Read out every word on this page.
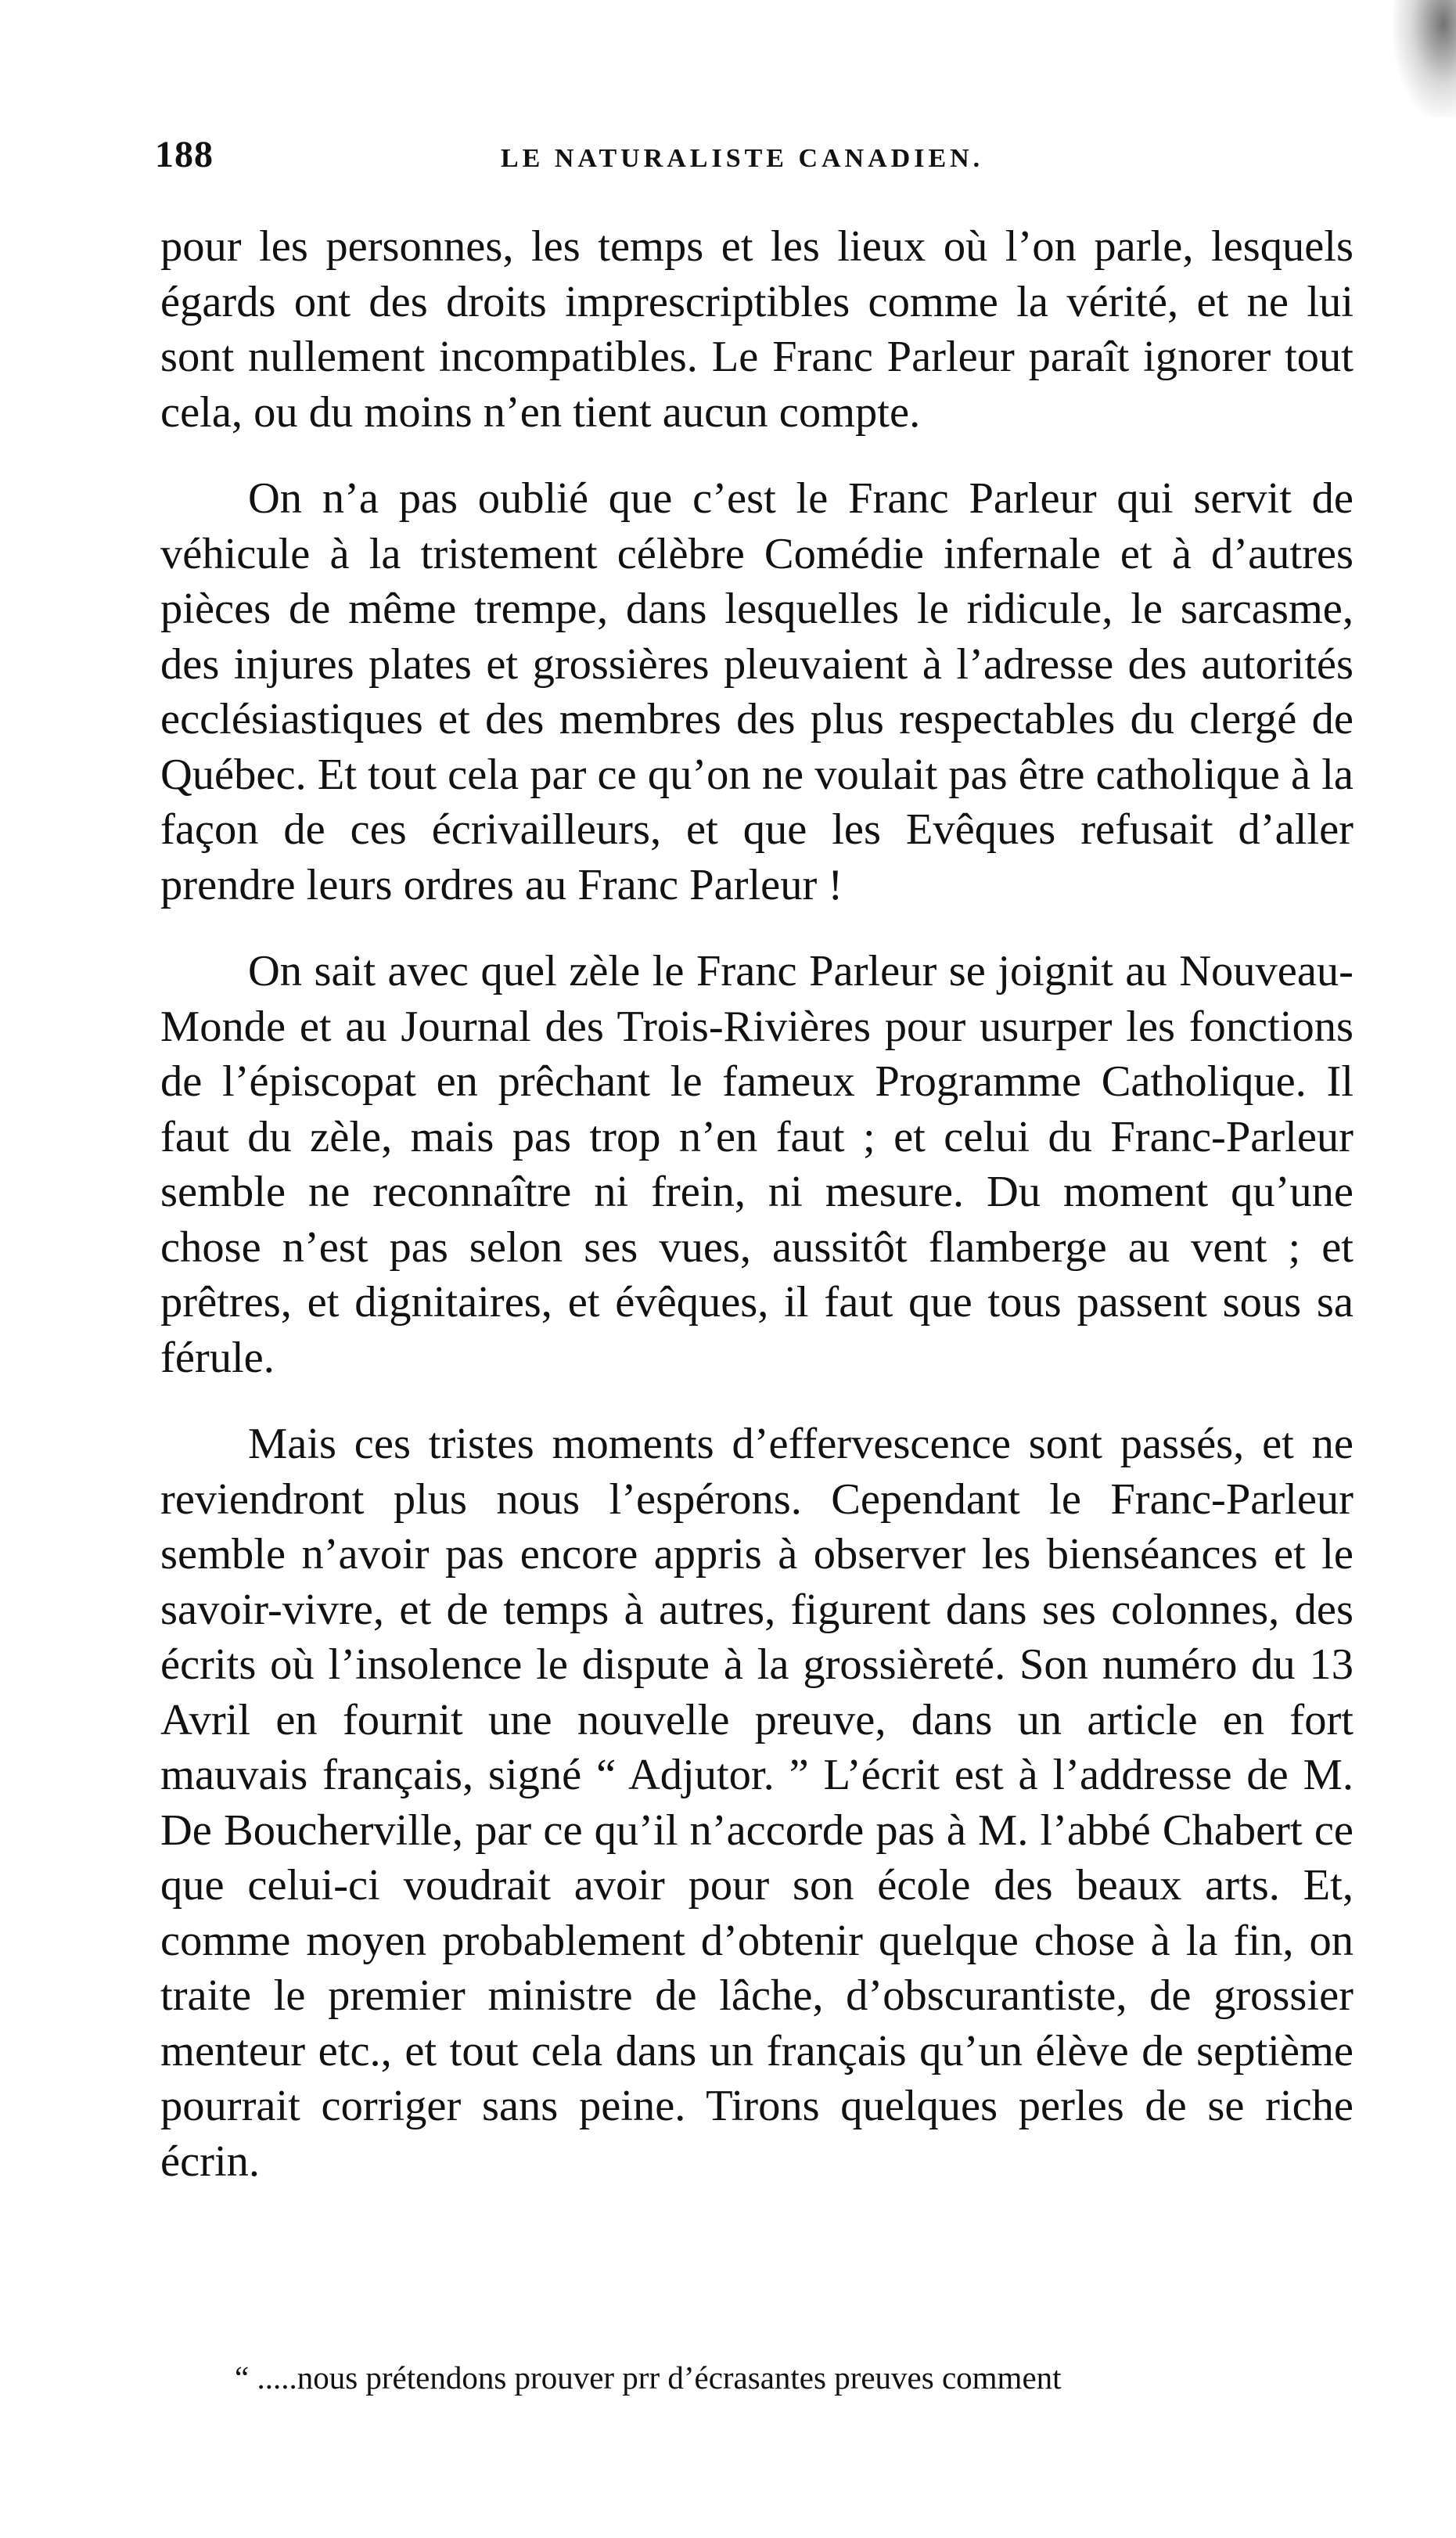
188	LE NATURALISTE CANADIEN.

pour les personnes, les temps et les lieux où l’on parle, lesquels égards ont des droits imprescriptibles comme la vérité, et ne lui sont nullement incompatibles. Le Franc Parleur paraît ignorer tout cela, ou du moins n’en tient aucun compte.

On n’a pas oublié que c’est le Franc Parleur qui servit de véhicule à la tristement célèbre Comédie infernale et à d’autres pièces de même trempe, dans lesquelles le ridicule, le sarcasme, des injures plates et grossières pleuvaient à l’adresse des autorités ecclésiastiques et des membres des plus respectables du clergé de Québec. Et tout cela par ce qu’on ne voulait pas être catholique à la façon de ces écrivailleurs, et que les Evêques refusait d’aller prendre leurs ordres au Franc Parleur !

On sait avec quel zèle le Franc Parleur se joignit au Nouveau-Monde et au Journal des Trois-Rivières pour usurper les fonctions de l’épiscopat en prêchant le fameux Programme Catholique. Il faut du zèle, mais pas trop n’en faut ; et celui du Franc-Parleur semble ne reconnaître ni frein, ni mesure. Du moment qu’une chose n’est pas selon ses vues, aussitôt flamberge au vent ; et prêtres, et dignitaires, et évêques, il faut que tous passent sous sa férule.

Mais ces tristes moments d’effervescence sont passés, et ne reviendront plus nous l’espérons. Cependant le Franc-Parleur semble n’avoir pas encore appris à observer les bienséances et le savoir-vivre, et de temps à autres, figurent dans ses colonnes, des écrits où l’insolence le dispute à la grossièreté. Son numéro du 13 Avril en fournit une nouvelle preuve, dans un article en fort mauvais français, signé “ Adjutor. ” L’écrit est à l’addresse de M. De Boucherville, par ce qu’il n’accorde pas à M. l’abbé Chabert ce que celui-ci voudrait avoir pour son école des beaux arts. Et, comme moyen probablement d’obtenir quelque chose à la fin, on traite le premier ministre de lâche, d’obscurantiste, de grossier menteur etc., et tout cela dans un français qu’un élève de septième pourrait corriger sans peine. Tirons quelques perles de se riche écrin.

“ .....nous prétendons prouver prr d’écrasantes preuves comment
